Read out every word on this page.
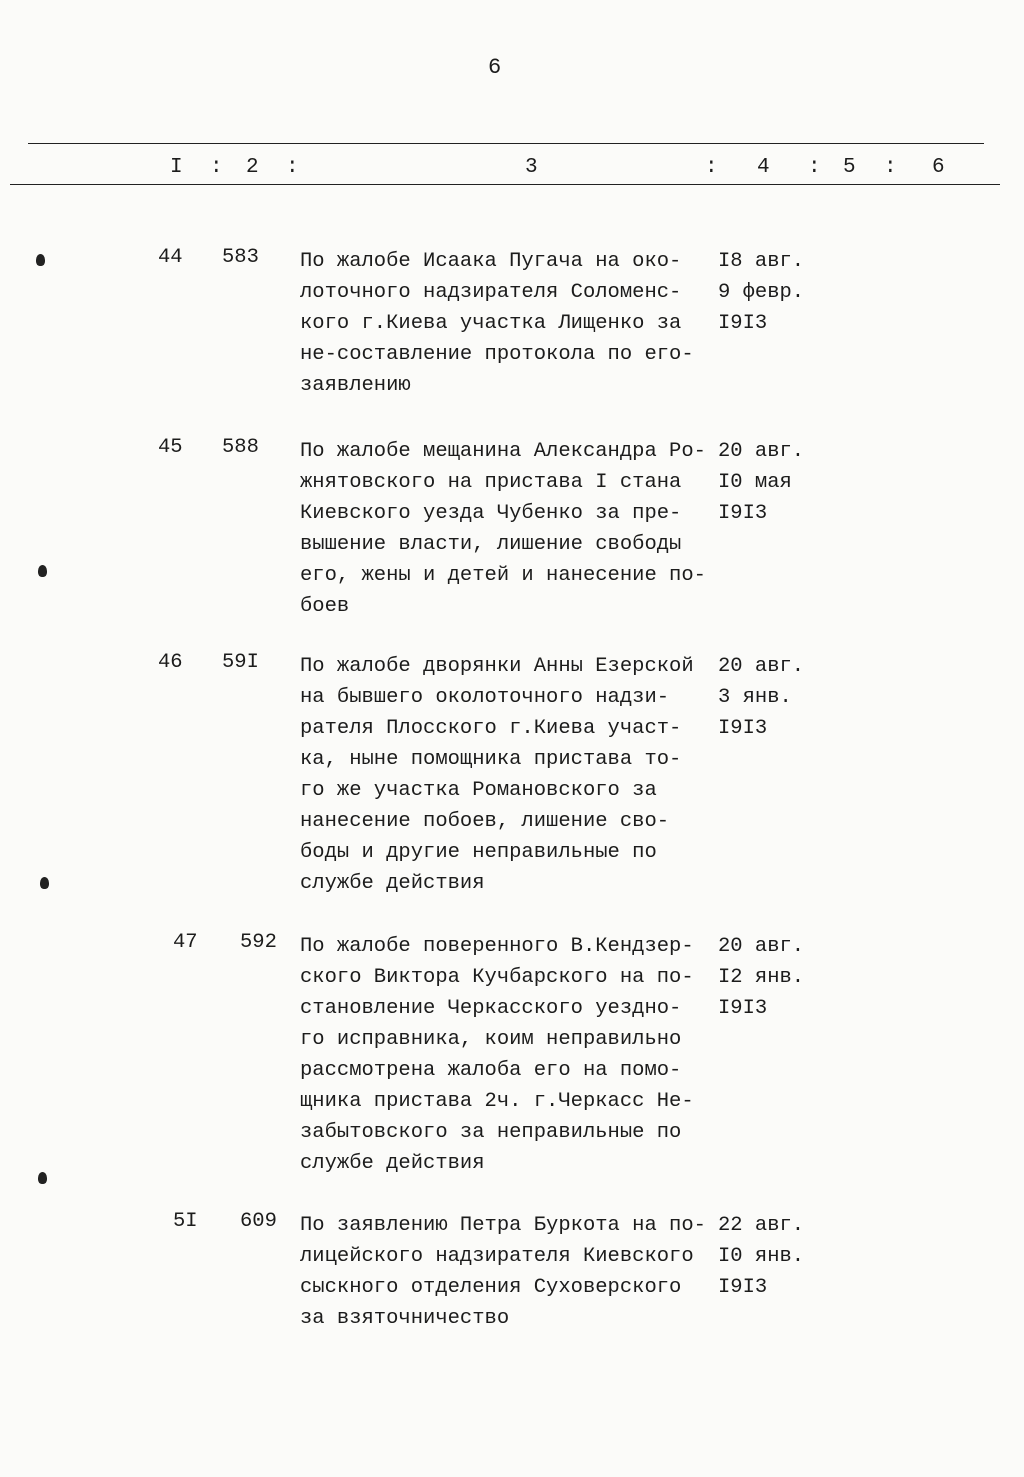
6
I : 2 :	3	: 4 : 5 : 6
44 583 По жалобе Исаака Пугача на око-
лоточного надзирателя Соломенс-
кого г.Киева участка Лищенко за
не-составление протокола по его-
заявлению
I8 авг.
9 февр.
I9I3
45 588 По жалобе мещанина Александра Ро-
жнятовского на пристава I стана
Киевского уезда Чубенко за пре-
вышение власти, лишение свободы
его, жены и детей и нанесение по-
боев
20 авг.
I0 мая
I9I3
46 59I По жалобе дворянки Анны Езерской
на бывшего околоточного надзи-
рателя Плосского г.Киева участ-
ка, ныне помощника пристава то-
го же участка Романовского за
нанесение побоев, лишение сво-
боды и другие неправильные по
службе действия
20 авг.
3 янв.
I9I3
47 592 По жалобе поверенного В.Кендзер-
ского Виктора Кучбарского на по-
становление Черкасского уездно-
го исправника, коим неправильно
рассмотрена жалоба его на помо-
щника пристава 2ч. г.Черкасс Не-
забытовского за неправильные по
службе действия
20 авг.
I2 янв.
I9I3
5I 609 По заявлению Петра Буркота на по-
лицейского надзирателя Киевского
сыскного отделения Суховерского
за взяточничество
22 авг.
I0 янв.
I9I3
